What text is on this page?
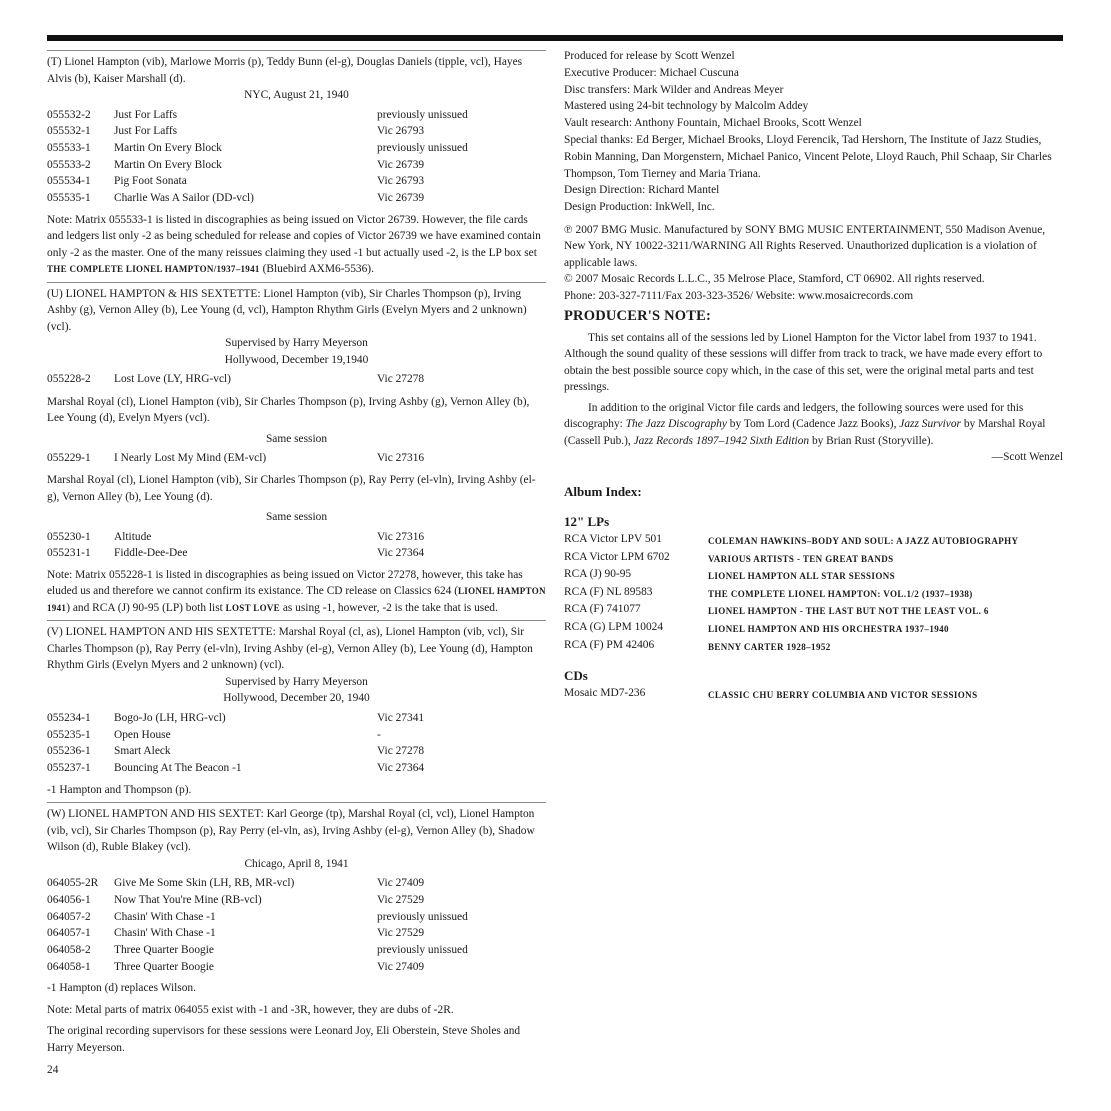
(T) Lionel Hampton (vib), Marlowe Morris (p), Teddy Bunn (el-g), Douglas Daniels (tipple, vcl), Hayes Alvis (b), Kaiser Marshall (d).

NYC, August 21, 1940

055532-2	Just For Laffs	previously unissued
055532-1	Just For Laffs	Vic 26793
055533-1	Martin On Every Block	previously unissued
055533-2	Martin On Every Block	Vic 26739
055534-1	Pig Foot Sonata	Vic 26793
055535-1	Charlie Was A Sailor (DD-vcl)	Vic 26739

Note: Matrix 055533-1 is listed in discographies as being issued on Victor 26739. However, the file cards and ledgers list only -2 as being scheduled for release and copies of Victor 26739 we have examined contain only -2 as the master. One of the many reissues claiming they used -1 but actually used -2, is the LP box set THE COMPLETE LIONEL HAMPTON/1937–1941 (Bluebird AXM6-5536).

(U) LIONEL HAMPTON & HIS SEXTETTE: Lionel Hampton (vib), Sir Charles Thompson (p), Irving Ashby (g), Vernon Alley (b), Lee Young (d, vcl), Hampton Rhythm Girls (Evelyn Myers and 2 unknown) (vcl).

Supervised by Harry Meyerson

Hollywood, December 19,1940

055228-2	Lost Love (LY, HRG-vcl)	Vic 27278

Marshal Royal (cl), Lionel Hampton (vib), Sir Charles Thompson (p), Irving Ashby (g), Vernon Alley (b), Lee Young (d), Evelyn Myers (vcl).

Same session

055229-1	I Nearly Lost My Mind (EM-vcl)	Vic 27316

Marshal Royal (cl), Lionel Hampton (vib), Sir Charles Thompson (p), Ray Perry (el-vln), Irving Ashby (el-g), Vernon Alley (b), Lee Young (d).

Same session

055230-1	Altitude	Vic 27316
055231-1	Fiddle-Dee-Dee	Vic 27364

Note: Matrix 055228-1 is listed in discographies as being issued on Victor 27278, however, this take has eluded us and therefore we cannot confirm its existance. The CD release on Classics 624 (LIONEL HAMPTON 1941) and RCA (J) 90-95 (LP) both list LOST LOVE as using -1, however, -2 is the take that is used.

(V) LIONEL HAMPTON AND HIS SEXTETTE: Marshal Royal (cl, as), Lionel Hampton (vib, vcl), Sir Charles Thompson (p), Ray Perry (el-vln), Irving Ashby (el-g), Vernon Alley (b), Lee Young (d), Hampton Rhythm Girls (Evelyn Myers and 2 unknown) (vcl).

Supervised by Harry Meyerson

Hollywood, December 20, 1940

055234-1	Bogo-Jo (LH, HRG-vcl)	Vic 27341
055235-1	Open House	-
055236-1	Smart Aleck	Vic 27278
055237-1	Bouncing At The Beacon -1	Vic 27364

-1 Hampton and Thompson (p).

(W) LIONEL HAMPTON AND HIS SEXTET: Karl George (tp), Marshal Royal (cl, vcl), Lionel Hampton (vib, vcl), Sir Charles Thompson (p), Ray Perry (el-vln, as), Irving Ashby (el-g), Vernon Alley (b), Shadow Wilson (d), Ruble Blakey (vcl).

Chicago, April 8, 1941

064055-2R	Give Me Some Skin (LH, RB, MR-vcl)	Vic 27409
064056-1	Now That You're Mine (RB-vcl)	Vic 27529
064057-2	Chasin' With Chase -1	previously unissued
064057-1	Chasin' With Chase -1	Vic 27529
064058-2	Three Quarter Boogie	previously unissued
064058-1	Three Quarter Boogie	Vic 27409

-1 Hampton (d) replaces Wilson.

Note: Metal parts of matrix 064055 exist with -1 and -3R, however, they are dubs of -2R.

The original recording supervisors for these sessions were Leonard Joy, Eli Oberstein, Steve Sholes and Harry Meyerson.

24

Produced for release by Scott Wenzel

Executive Producer: Michael Cuscuna

Disc transfers: Mark Wilder and Andreas Meyer

Mastered using 24-bit technology by Malcolm Addey

Vault research: Anthony Fountain, Michael Brooks, Scott Wenzel

Special thanks: Ed Berger, Michael Brooks, Lloyd Ferencik, Tad Hershorn, The Institute of Jazz Studies, Robin Manning, Dan Morgenstern, Michael Panico, Vincent Pelote, Lloyd Rauch, Phil Schaap, Sir Charles Thompson, Tom Tierney and Maria Triana.

Design Direction: Richard Mantel

Design Production: InkWell, Inc.

℗ 2007 BMG Music. Manufactured by SONY BMG MUSIC ENTERTAINMENT, 550 Madison Avenue, New York, NY 10022-3211/WARNING All Rights Reserved. Unauthorized duplication is a violation of applicable laws.

© 2007 Mosaic Records L.L.C., 35 Melrose Place, Stamford, CT 06902. All rights reserved.

Phone: 203-327-7111/Fax 203-323-3526/ Website: www.mosaicrecords.com

PRODUCER'S NOTE:

This set contains all of the sessions led by Lionel Hampton for the Victor label from 1937 to 1941. Although the sound quality of these sessions will differ from track to track, we have made every effort to obtain the best possible source copy which, in the case of this set, were the original metal parts and test pressings.

In addition to the original Victor file cards and ledgers, the following sources were used for this discography: The Jazz Discography by Tom Lord (Cadence Jazz Books), Jazz Survivor by Marshal Royal (Cassell Pub.), Jazz Records 1897–1942 Sixth Edition by Brian Rust (Storyville).

—Scott Wenzel

Album Index:
12" LPs
RCA Victor LPV 501	COLEMAN HAWKINS–BODY AND SOUL: A JAZZ AUTOBIOGRAPHY
RCA Victor LPM 6702	VARIOUS ARTISTS - TEN GREAT BANDS
RCA (J) 90-95	LIONEL HAMPTON ALL STAR SESSIONS
RCA (F) NL 89583	THE COMPLETE LIONEL HAMPTON: VOL.1/2 (1937–1938)
RCA (F) 741077	LIONEL HAMPTON - THE LAST BUT NOT THE LEAST VOL. 6
RCA (G) LPM 10024	LIONEL HAMPTON AND HIS ORCHESTRA 1937–1940
RCA (F) PM 42406	BENNY CARTER 1928–1952
CDs
Mosaic MD7-236	CLASSIC CHU BERRY COLUMBIA AND VICTOR SESSIONS
